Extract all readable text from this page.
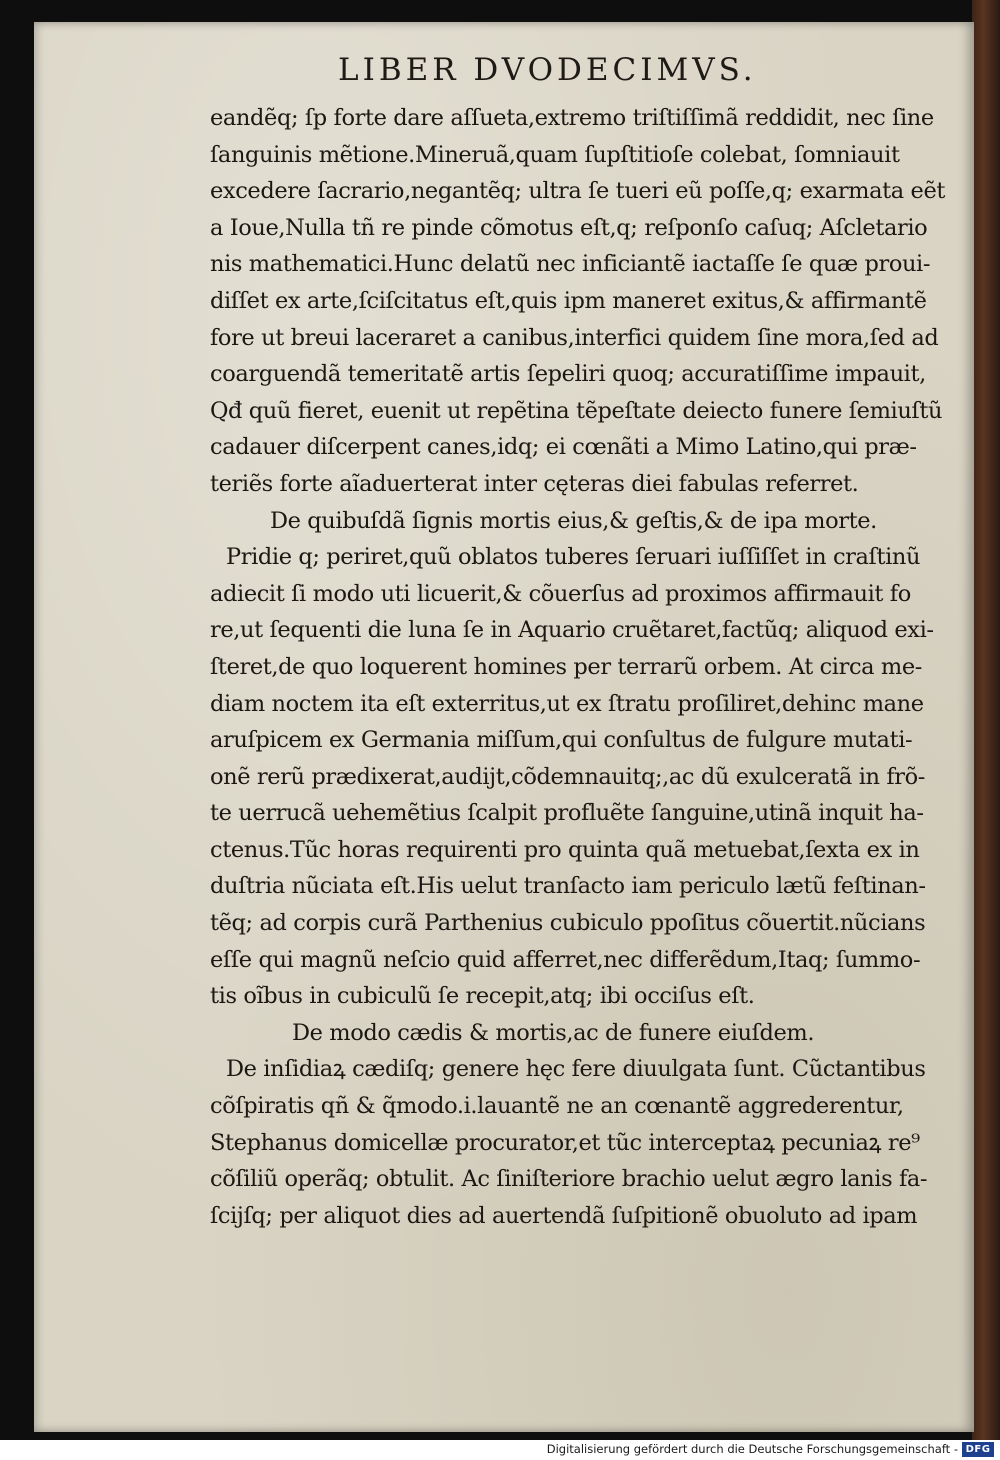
LIBER DVODECIMVS.
eandẽq; ſp forte dare aſſueta,extremo triſtiſſimã reddidit, nec ſine
ſanguinis mẽtione.Mineruã,quam ſupſtitioſe colebat, ſomniauit
excedere ſacrario,negantẽq; ultra ſe tueri eũ poſſe,q; exarmata eẽt
a Ioue,Nulla tñ re pinde cõmotus eſt,q; reſponſo caſuq; Aſcletario
nis mathematici.Hunc delatũ nec inficiantẽ iactaſſe ſe quæ proui-
diſſet ex arte,ſciſcitatus eſt,quis ipm maneret exitus,& affirmantẽ
fore ut breui laceraret a canibus,interfici quidem ſine mora,ſed ad
coarguendã temeritatẽ artis ſepeliri quoq; accuratiſſime impauit,
Qđ quũ fieret, euenit ut repẽtina tẽpeſtate deiecto funere ſemiuſtũ
cadauer diſcerpent canes,idq; ei cœnãti a Mimo Latino,qui præ-
teriẽs forte aĩaduerterat inter cęteras diei fabulas referret.
De quibuſdã ſignis mortis eius,& geſtis,& de ipa morte.
Pridie q; periret,quũ oblatos tuberes ſeruari iuſſiſſet in craſtinũ
adiecit ſi modo uti licuerit,& cõuerſus ad proximos affirmauit fo
re,ut ſequenti die luna ſe in Aquario cruẽtaret,factũq; aliquod exi-
ſteret,de quo loquerent homines per terrarũ orbem. At circa me-
diam noctem ita eſt exterritus,ut ex ſtratu proſiliret,dehinc mane
aruſpicem ex Germania miſſum,qui conſultus de fulgure mutati-
onẽ rerũ prædixerat,audijt,cõdemnauitq;,ac dũ exulceratã in frõ-
te uerrucã uehemẽtius ſcalpit profluẽte ſanguine,utinã inquit ha-
ctenus.Tũc horas requirenti pro quinta quã metuebat,ſexta ex in
duſtria nũciata eſt.His uelut tranſacto iam periculo lætũ feſtinan-
tẽq; ad corpis curã Parthenius cubiculo ppoſitus cõuertit.nũcians
eſſe qui magnũ neſcio quid afferret,nec differẽdum,Itaq; ſummo-
tis oĩbus in cubiculũ ſe recepit,atq; ibi occiſus eſt.
De modo cædis & mortis,ac de funere eiuſdem.
De inſidiaꝝ cædiſq; genere hęc fere diuulgata ſunt. Cũctantibus
cõſpiratis qñ & q̃modo.i.lauantẽ ne an cœnantẽ aggrederentur,
Stephanus domicellæ procurator,et tũc interceptaꝝ pecuniaꝝ re⁹
cõſiliũ operãq; obtulit. Ac ſiniſteriore brachio uelut ægro lanis fa-
ſcijſq; per aliquot dies ad auertendã ſuſpitionẽ obuoluto ad ipam
Digitalisierung gefördert durch die Deutsche Forschungsgemeinschaft - DFG
